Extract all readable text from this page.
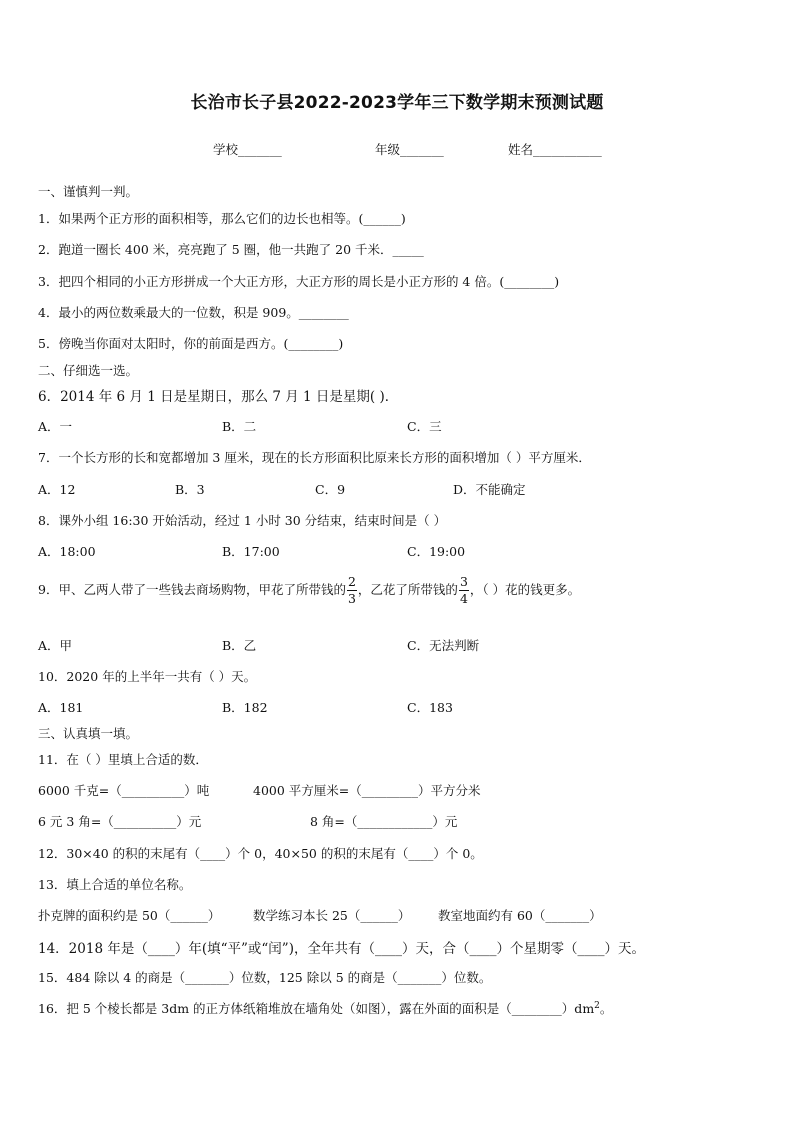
长治市长子县2022-2023学年三下数学期末预测试题
学校_______	年级_______	姓名___________
一、谨慎判一判。
1．如果两个正方形的面积相等，那么它们的边长也相等。(______)
2．跑道一圈长 400 米，亮亮跑了 5 圈，他一共跑了 20 千米．_____
3．把四个相同的小正方形拼成一个大正方形，大正方形的周长是小正方形的 4 倍。(________)
4．最小的两位数乘最大的一位数，积是 909。________
5．傍晚当你面对太阳时，你的前面是西方。(________)
二、仔细选一选。
6．2014 年 6 月 1 日是星期日，那么 7 月 1 日是星期( )．
A．一	B．二	C．三
7．一个长方形的长和宽都增加 3 厘米，现在的长方形面积比原来长方形的面积增加（ ）平方厘米．
A．12	B．3	C．9	D．不能确定
8．课外小组 16:30 开始活动，经过 1 小时 30 分结束，结束时间是（ ）
A．18:00	B．17:00	C．19:00
9．甲、乙两人带了一些钱去商场购物，甲花了所带钱的 $\frac{2}{3}$ ，乙花了所带钱的 $\frac{3}{4}$ ，（ ）花的钱更多。
A．甲	B．乙	C．无法判断
10．2020 年的上半年一共有（ ）天。
A．181	B．182	C．183
三、认真填一填。
11．在（ ）里填上合适的数．
6000 千克=（__________）吨	4000 平方厘米=（_________）平方分米
6 元 3 角=（__________）元	8 角=（____________）元
12．30×40 的积的末尾有（____）个 0，40×50 的积的末尾有（____）个 0。
13．填上合适的单位名称。
扑克牌的面积约是 50（______）	数学练习本长 25（______） 教室地面约有 60（_______）
14．2018 年是（____）年(填“平”或“闰”)，全年共有（____）天，合（____）个星期零（____）天。
15．484 除以 4 的商是（_______）位数，125 除以 5 的商是（_______）位数。
16．把 5 个棱长都是 3dm 的正方体纸箱堆放在墙角处（如图），露在外面的面积是$(\_\_\_\_\_\_\_\_)dm^2$。
